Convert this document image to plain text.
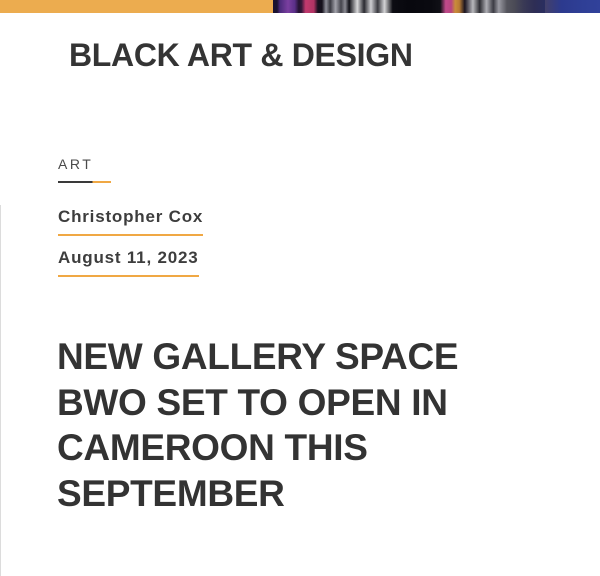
BLACK ART & DESIGN
ART
Christopher Cox
August 11, 2023
NEW GALLERY SPACE
BWO SET TO OPEN IN
CAMEROON THIS
SEPTEMBER
